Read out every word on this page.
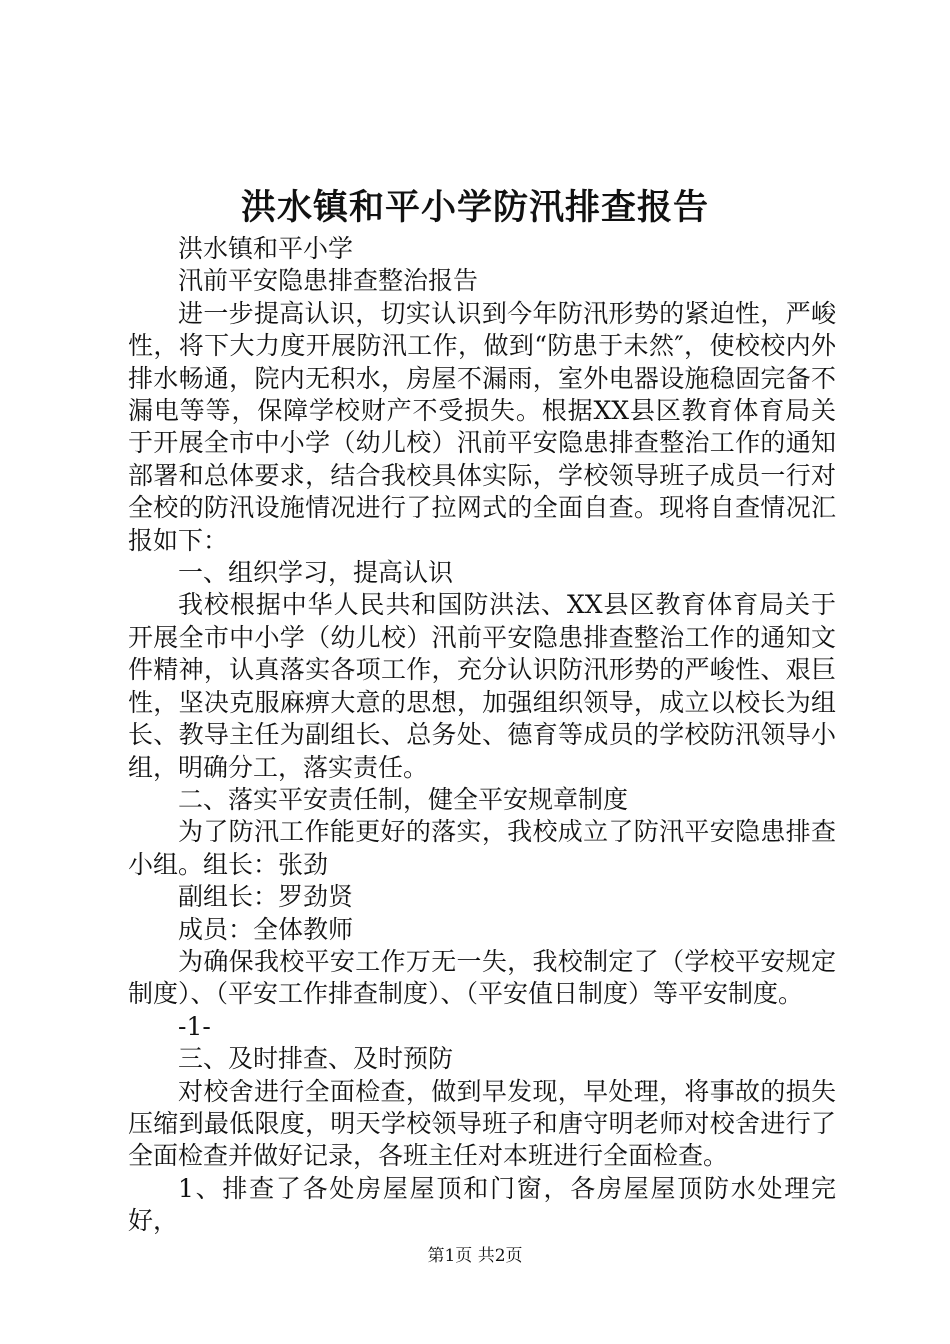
洪水镇和平小学防汛排查报告

洪水镇和平小学

汛前平安隐患排查整治报告

进一步提高认识，切实认识到今年防汛形势的紧迫性，严峻性，将下大力度开展防汛工作，做到“防患于未然″，使校校内外排水畅通，院内无积水，房屋不漏雨，室外电器设施稳固完备不漏电等等，保障学校财产不受损失。根据XX县区教育体育局关于开展全市中小学（幼儿校）汛前平安隐患排查整治工作的通知部署和总体要求，结合我校具体实际，学校领导班子成员一行对全校的防汛设施情况进行了拉网式的全面自查。现将自查情况汇报如下：

一、组织学习，提高认识

我校根据中华人民共和国防洪法、XX县区教育体育局关于开展全市中小学（幼儿校）汛前平安隐患排查整治工作的通知文件精神，认真落实各项工作，充分认识防汛形势的严峻性、艰巨性，坚决克服麻痹大意的思想，加强组织领导，成立以校长为组长、教导主任为副组长、总务处、德育等成员的学校防汛领导小组，明确分工，落实责任。

二、落实平安责任制，健全平安规章制度

为了防汛工作能更好的落实，我校成立了防汛平安隐患排查小组。组长：张劲

副组长：罗劲贤

成员：全体教师

为确保我校平安工作万无一失，我校制定了（学校平安规定制度）、（平安工作排查制度）、（平安值日制度）等平安制度。

-1-

三、及时排查、及时预防

对校舍进行全面检查，做到早发现，早处理，将事故的损失压缩到最低限度，明天学校领导班子和唐守明老师对校舍进行了全面检查并做好记录，各班主任对本班进行全面检查。

1、排查了各处房屋屋顶和门窗，各房屋屋顶防水处理完好，

第1页 共2页
